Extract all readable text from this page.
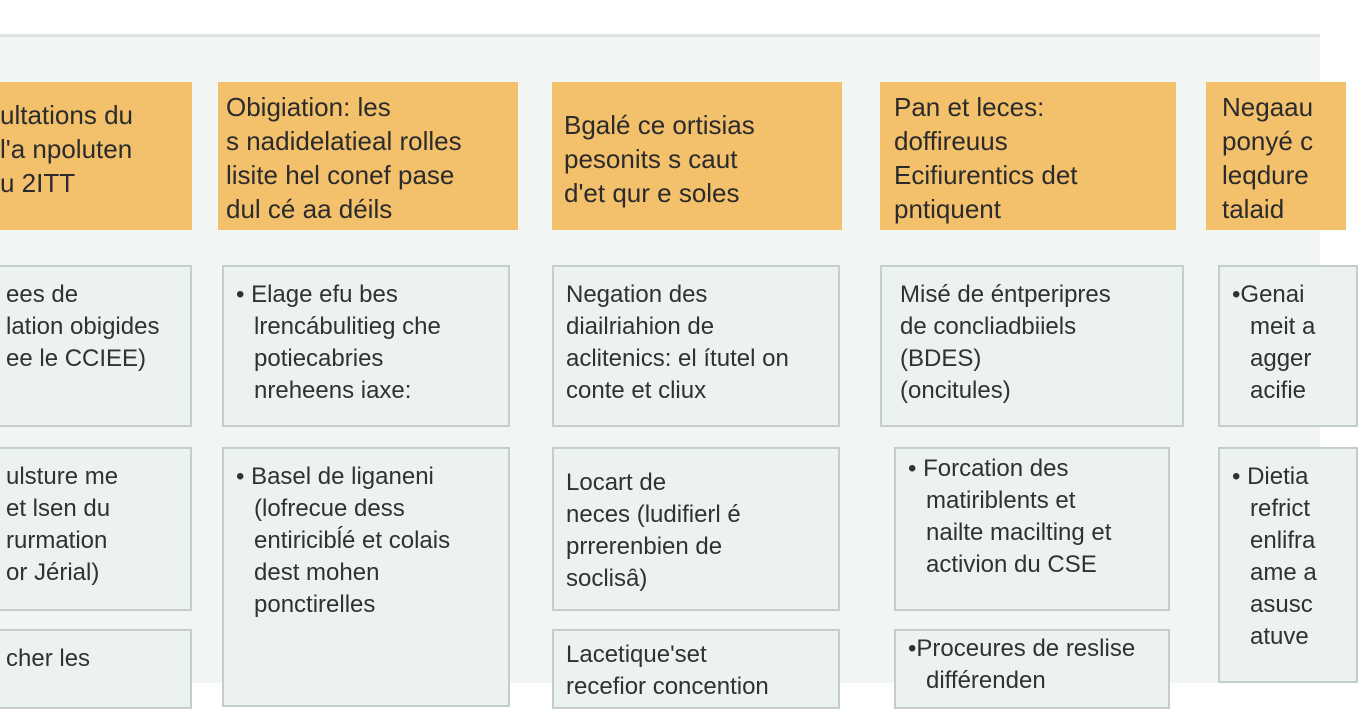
ultations du
l'a npoluten
u 2ITT
ees de
lation obigides
ee le CCIEE)
ulsture me
et lsen du
rurmation
or Jérial)
cher les
Obigiation: les
s nadidelatieal rolles
lisite hel conef pase
dul cé aa déils
• Elage efu bes
lrencábulitieg che
potiecabries
nreheens iaxe:
• Basel de liganeni
(lofrecue dess
entiricibĺé et colais
dest mohen
ponctirelles
Bgalé ce ortisias
pesonits s caut
d'et qur e soles
Negation des
diailriahion de
aclitenics: el ítutel on
conte et cliux
Locart de
neces (Ɩudifierl é
prrerenbien de
soclisȃ)
Lacetique'set
recefior concention
Pan et leces:
doffireuus
Ecifiurentics det
pntiquent
Misé de éntperipres
de concliadbiiels
(BDES)
(oncitules)
• Forcation des
matiriblents et
nailte macilting et
activion du CSE
•Proceures de reslise
différenden
Negaau
ponyé c
leqdure
talaid
•Genai
meit a
agger
acifie
• Dietia
refrict
enlifra
ame a
asusc
atuve
